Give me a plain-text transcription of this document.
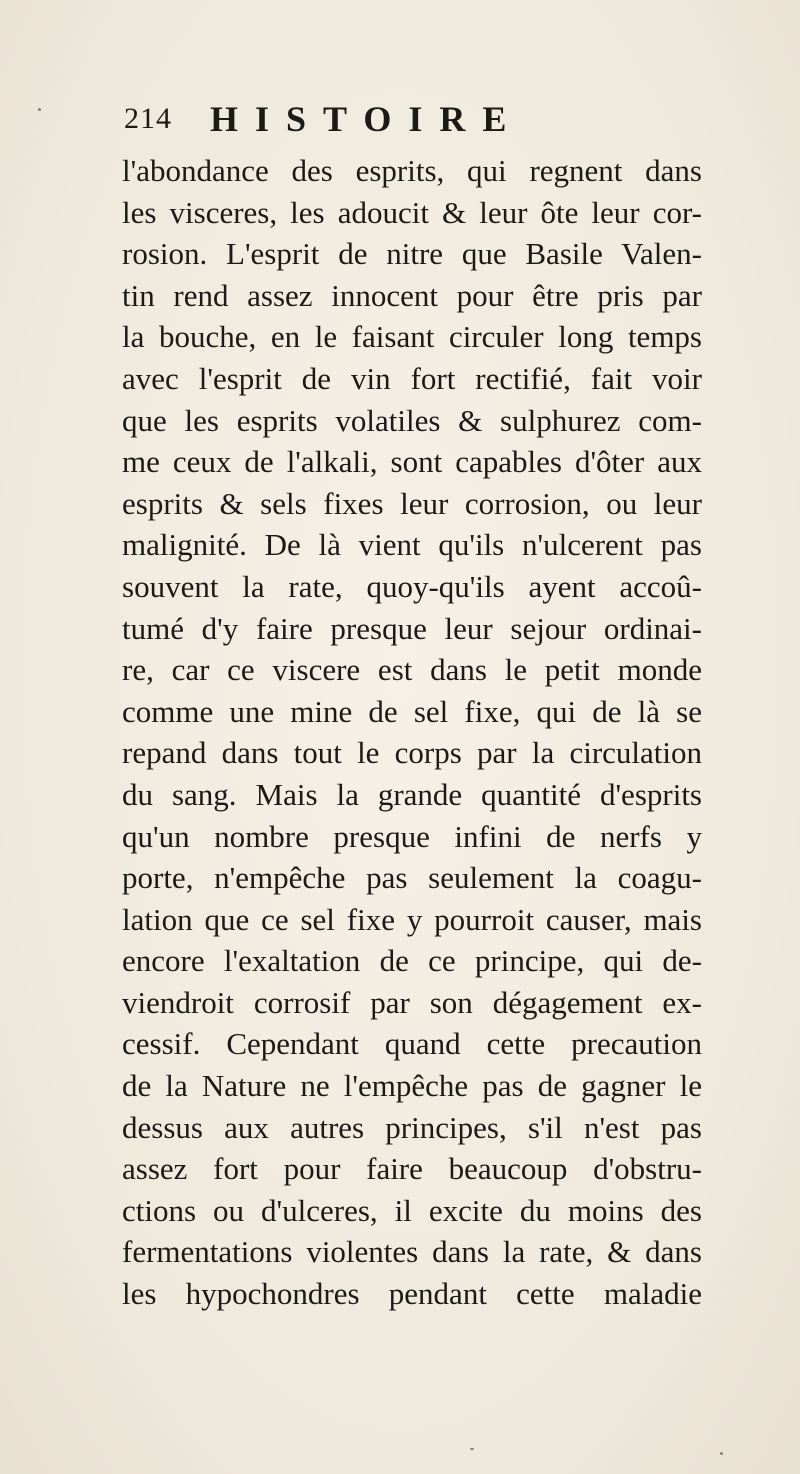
214 HISTOIRE
l'abondance des esprits, qui regnent dans
les visceres, les adoucit & leur ôte leur cor-
rosion. L'esprit de nitre que Basile Valen-
tin rend assez innocent pour être pris par
la bouche, en le faisant circuler long temps
avec l'esprit de vin fort rectifié, fait voir
que les esprits volatiles & sulphurez com-
me ceux de l'alkali, sont capables d'ôter aux
esprits & sels fixes leur corrosion, ou leur
malignité. De là vient qu'ils n'ulcerent pas
souvent la rate, quoy-qu'ils ayent accoû-
tumé d'y faire presque leur sejour ordinai-
re, car ce viscere est dans le petit monde
comme une mine de sel fixe, qui de là se
repand dans tout le corps par la circulation
du sang. Mais la grande quantité d'esprits
qu'un nombre presque infini de nerfs y
porte, n'empêche pas seulement la coagu-
lation que ce sel fixe y pourroit causer, mais
encore l'exaltation de ce principe, qui de-
viendroit corrosif par son dégagement ex-
cessif. Cependant quand cette precaution
de la Nature ne l'empêche pas de gagner le
dessus aux autres principes, s'il n'est pas
assez fort pour faire beaucoup d'obstru-
ctions ou d'ulceres, il excite du moins des
fermentations violentes dans la rate, & dans
les hypochondres pendant cette maladie
